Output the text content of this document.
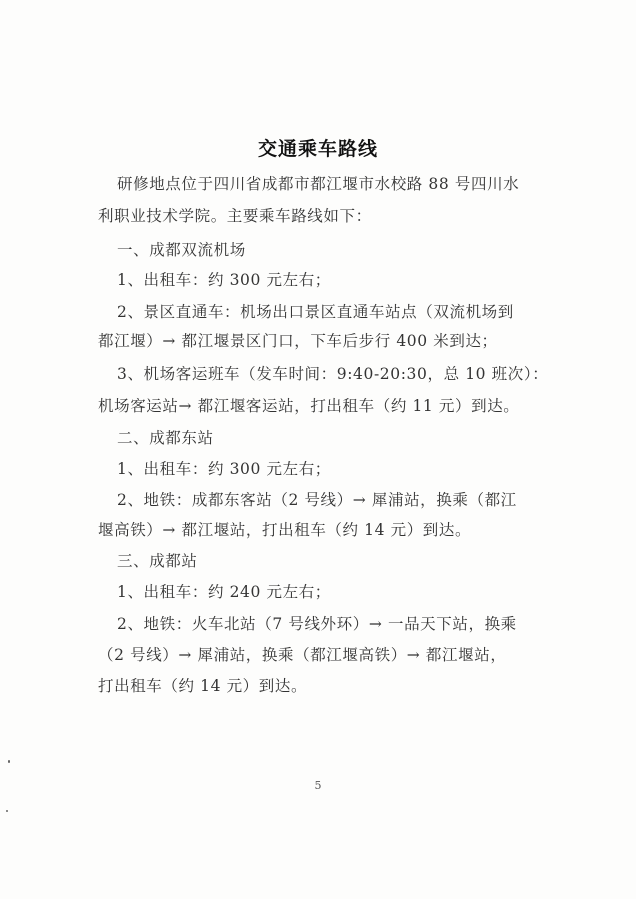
交通乘车路线
研修地点位于四川省成都市都江堰市水校路 88 号四川水
利职业技术学院。主要乘车路线如下：
一、成都双流机场
1、出租车：约 300 元左右；
2、景区直通车：机场出口景区直通车站点（双流机场到
都江堰）→ 都江堰景区门口，下车后步行 400 米到达；
3、机场客运班车（发车时间：9:40-20:30，总 10 班次）：
机场客运站→ 都江堰客运站，打出租车（约 11 元）到达。
二、成都东站
1、出租车：约 300 元左右；
2、地铁：成都东客站（2 号线）→ 犀浦站，换乘（都江
堰高铁）→ 都江堰站，打出租车（约 14 元）到达。
三、成都站
1、出租车：约 240 元左右；
2、地铁：火车北站（7 号线外环）→ 一品天下站，换乘
（2 号线）→ 犀浦站，换乘（都江堰高铁）→ 都江堰站，
打出租车（约 14 元）到达。
5
